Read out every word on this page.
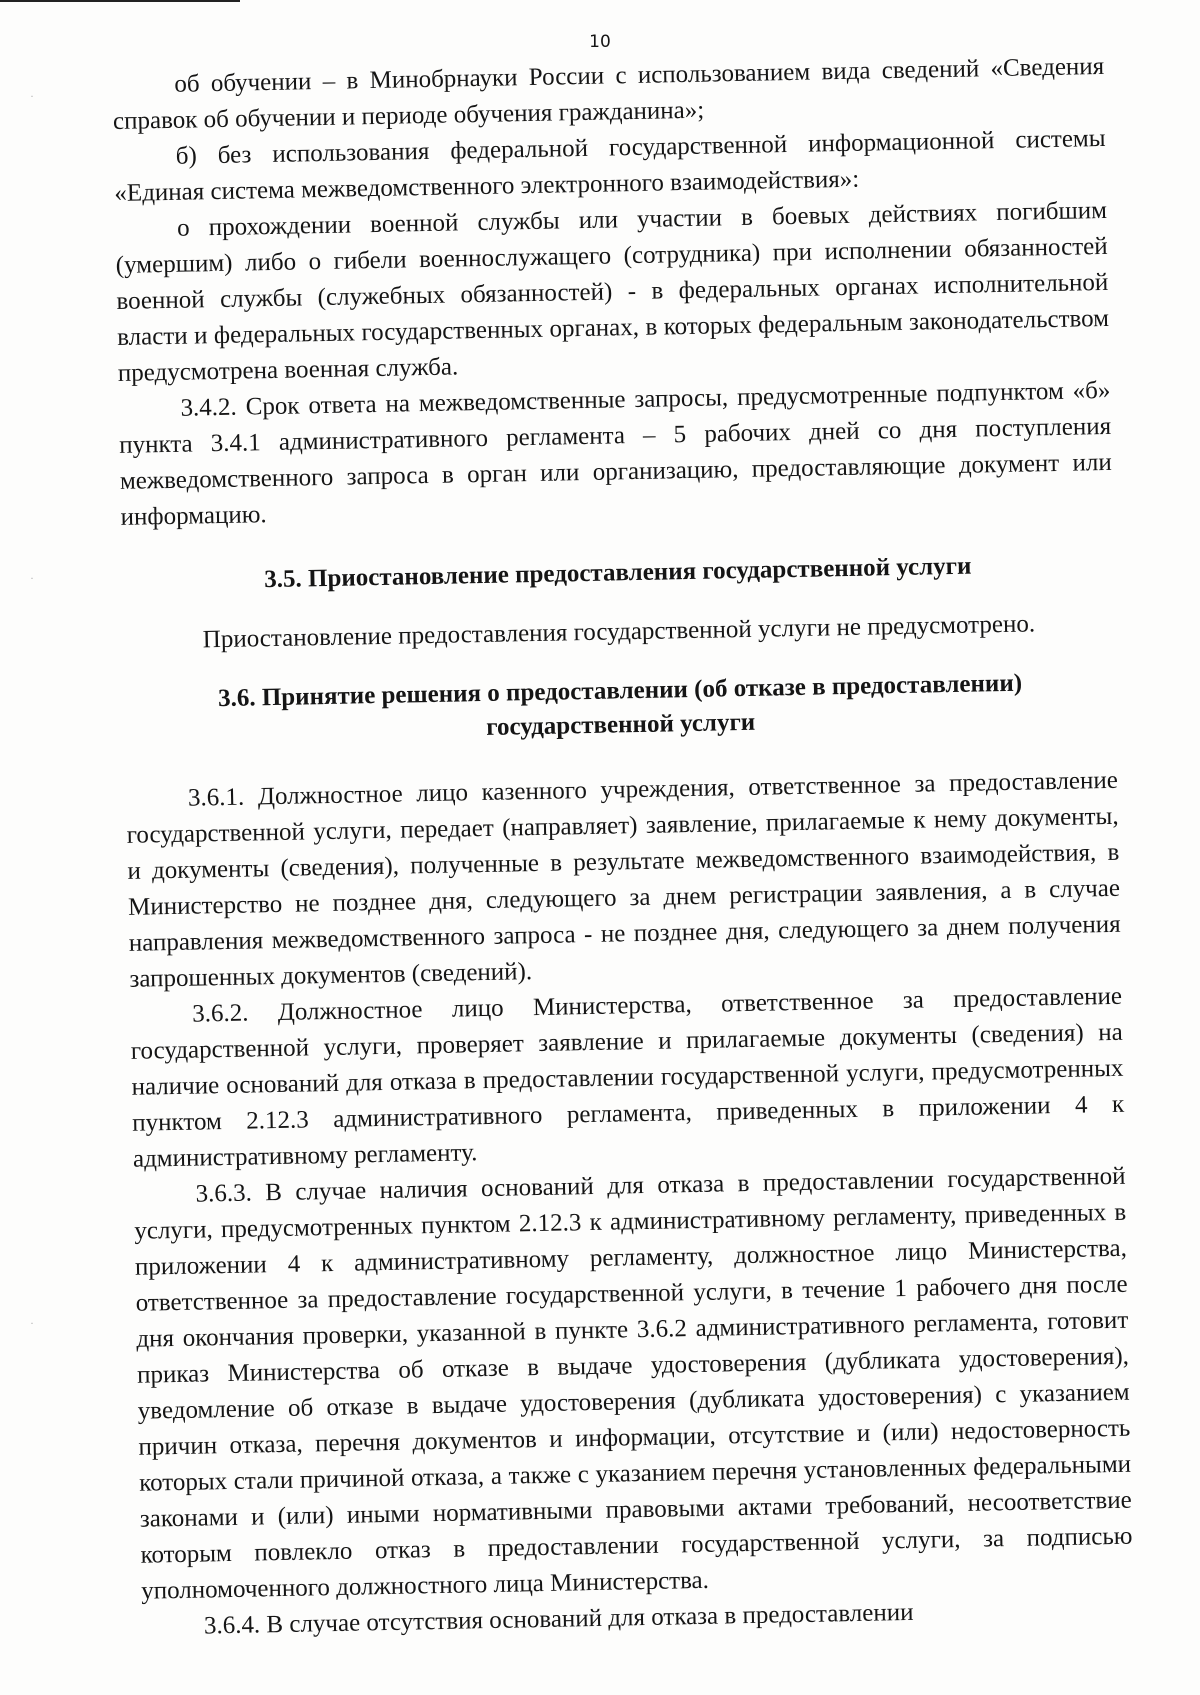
10
·
·
·

об обучении – в Минобрнауки России с использованием вида сведений «Сведения справок об обучении и периоде обучения гражданина»;

б) без использования федеральной государственной информационной системы «Единая система межведомственного электронного взаимодействия»:

о прохождении военной службы или участии в боевых действиях погибшим (умершим) либо о гибели военнослужащего (сотрудника) при исполнении обязанностей военной службы (служебных обязанностей) - в федеральных органах исполнительной власти и федеральных государственных органах, в которых федеральным законодательством предусмотрена военная служба.

3.4.2. Срок ответа на межведомственные запросы, предусмотренные подпунктом «б» пункта 3.4.1 административного регламента – 5 рабочих дней со дня поступления межведомственного запроса в орган или организацию, предоставляющие документ или информацию.

3.5. Приостановление предоставления государственной услуги

Приостановление предоставления государственной услуги не предусмотрено.

3.6. Принятие решения о предоставлении (об отказе в предоставлении) государственной услуги

3.6.1. Должностное лицо казенного учреждения, ответственное за предоставление государственной услуги, передает (направляет) заявление, прилагаемые к нему документы, и документы (сведения), полученные в результате межведомственного взаимодействия, в Министерство не позднее дня, следующего за днем регистрации заявления, а в случае направления межведомственного запроса - не позднее дня, следующего за днем получения запрошенных документов (сведений).

3.6.2. Должностное лицо Министерства, ответственное за предоставление государственной услуги, проверяет заявление и прилагаемые документы (сведения) на наличие оснований для отказа в предоставлении государственной услуги, предусмотренных пунктом 2.12.3 административного регламента, приведенных в приложении 4 к административному регламенту.

3.6.3. В случае наличия оснований для отказа в предоставлении государственной услуги, предусмотренных пунктом 2.12.3 к административному регламенту, приведенных в приложении 4 к административному регламенту, должностное лицо Министерства, ответственное за предоставление государственной услуги, в течение 1 рабочего дня после дня окончания проверки, указанной в пункте 3.6.2 административного регламента, готовит приказ Министерства об отказе в выдаче удостоверения (дубликата удостоверения), уведомление об отказе в выдаче удостоверения (дубликата удостоверения) с указанием причин отказа, перечня документов и информации, отсутствие и (или) недостоверность которых стали причиной отказа, а также с указанием перечня установленных федеральными законами и (или) иными нормативными правовыми актами требований, несоответствие которым повлекло отказ в предоставлении государственной услуги, за подписью уполномоченного должностного лица Министерства.

3.6.4. В случае отсутствия оснований для отказа в предоставлении
